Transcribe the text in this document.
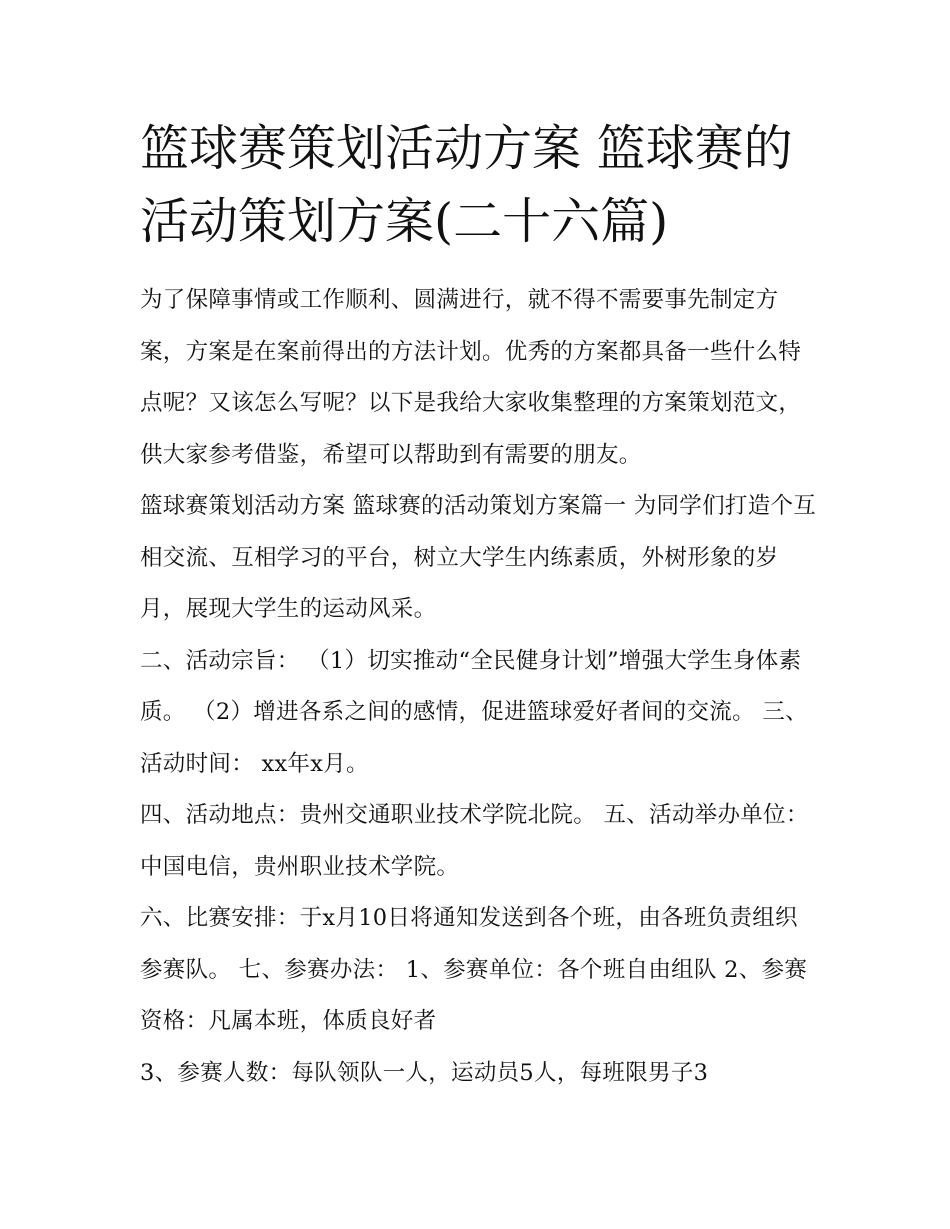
篮球赛策划活动方案 篮球赛的活动策划方案(二十六篇)

为了保障事情或工作顺利、圆满进行，就不得不需要事先制定方案，方案是在案前得出的方法计划。优秀的方案都具备一些什么特点呢？又该怎么写呢？以下是我给大家收集整理的方案策划范文，供大家参考借鉴，希望可以帮助到有需要的朋友。

篮球赛策划活动方案 篮球赛的活动策划方案篇一 为同学们打造个互相交流、互相学习的平台，树立大学生内练素质，外树形象的岁月，展现大学生的运动风采。

二、活动宗旨： （1）切实推动“全民健身计划”增强大学生身体素质。 （2）增进各系之间的感情，促进篮球爱好者间的交流。 三、活动时间： xx年x月。

四、活动地点：贵州交通职业技术学院北院。 五、活动举办单位：中国电信，贵州职业技术学院。

六、比赛安排：于x月10日将通知发送到各个班，由各班负责组织参赛队。 七、参赛办法： 1、参赛单位：各个班自由组队 2、参赛资格：凡属本班，体质良好者

3、参赛人数：每队领队一人，运动员5人，每班限男子3
